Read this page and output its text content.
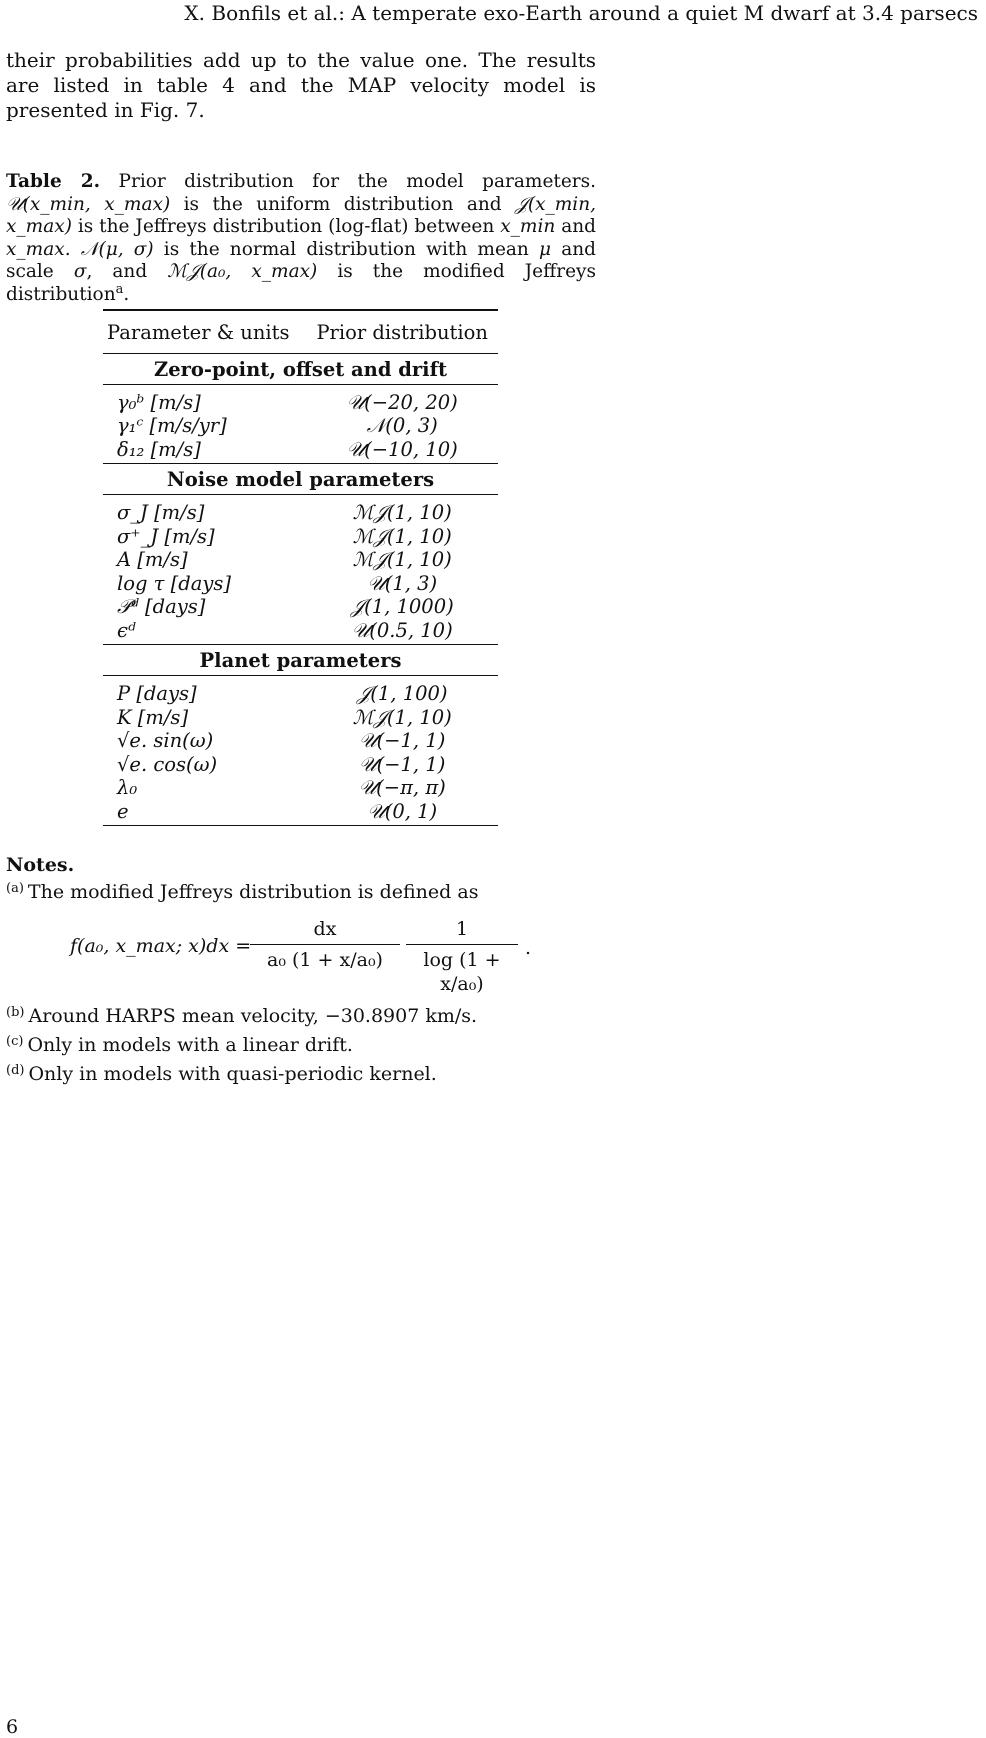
X. Bonfils et al.: A temperate exo-Earth around a quiet M dwarf at 3.4 parsecs
their probabilities add up to the value one. The results are listed in table 4 and the MAP velocity model is presented in Fig. 7.
Table 2. Prior distribution for the model parameters. 𝒰(x_min, x_max) is the uniform distribution and 𝒥(x_min, x_max) is the Jeffreys distribution (log-flat) between x_min and x_max. 𝒩(μ, σ) is the normal distribution with mean μ and scale σ, and ℳ𝒥(a₀, x_max) is the modified Jeffreys distribution$^a$.

Parameter & units	Prior distribution
Zero-point, offset and drift	
γ₀ᵇ [m/s]	𝒰(−20, 20)
γ₁ᶜ [m/s/yr]	𝒩(0, 3)
δ₁₂ [m/s]	𝒰(−10, 10)
Noise model parameters	
σ_J [m/s]	ℳ𝒥(1, 10)
σ⁺_J [m/s]	ℳ𝒥(1, 10)
A [m/s]	ℳ𝒥(1, 10)
log τ [days]	𝒰(1, 3)
𝒫ᵈ [days]	𝒥(1, 1000)
ϵᵈ	𝒰(0.5, 10)
Planet parameters	
P [days]	𝒥(1, 100)
K [m/s]	ℳ𝒥(1, 10)
√e. sin(ω)	𝒰(−1, 1)
√e. cos(ω)	𝒰(−1, 1)
λ₀	𝒰(−π, π)
e	𝒰(0, 1)
Notes.
$^{(a)}$ The modified Jeffreys distribution is defined as
f(a₀, x_max; x)dx =
$\frac{dx}{\text{a₀ (1 + x/a₀)}} \frac{1}{\text{log (1 + x/a₀)}}$ .
$^{(b)}$ Around HARPS mean velocity, −30.8907 km/s.
$^{(c)}$ Only in models with a linear drift.
$^{(d)}$ Only in models with quasi-periodic kernel.
6
